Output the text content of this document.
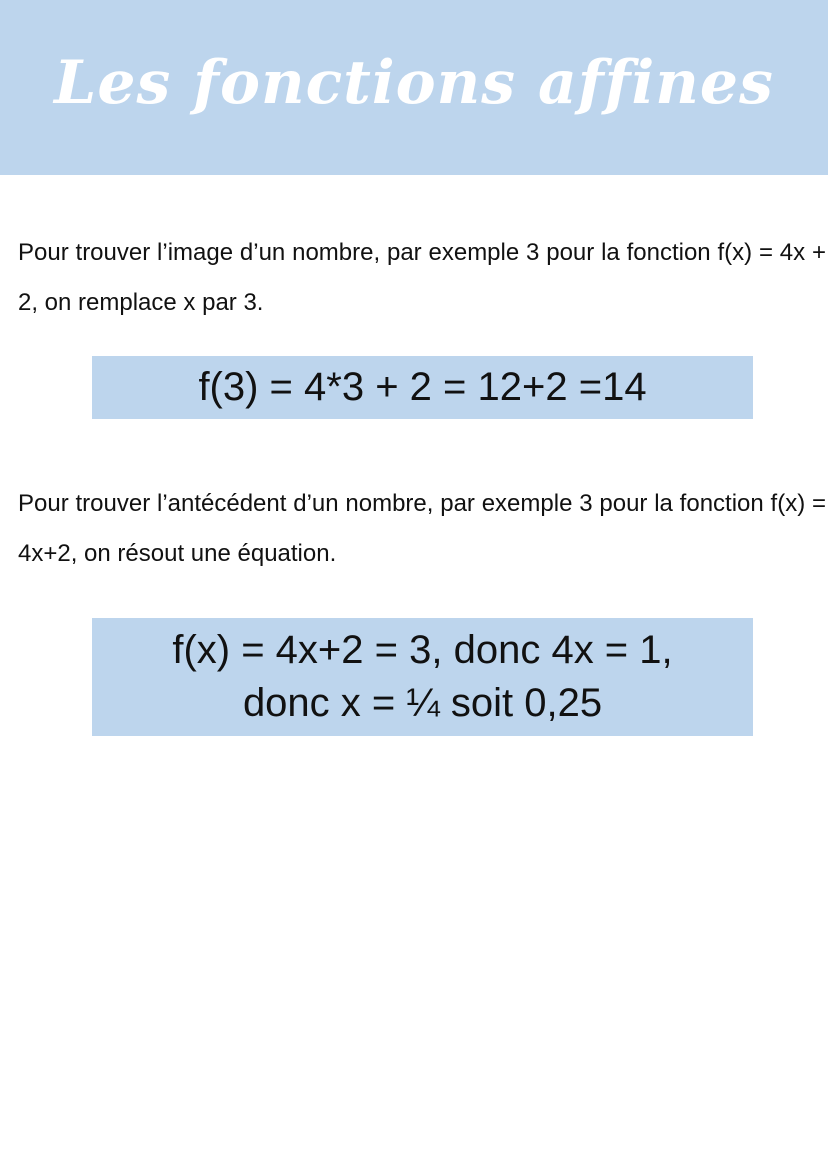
Les fonctions affines
Pour trouver l’image d’un nombre, par exemple 3 pour la fonction f(x) = 4x + 2, on remplace x par 3.
f(3) = 4*3 + 2 = 12+2 =14
Pour trouver l’antécédent d’un nombre, par exemple 3 pour la fonction f(x) = 4x+2, on résout une équation.
f(x) = 4x+2 = 3, donc 4x = 1,
donc x = ¼ soit 0,25
